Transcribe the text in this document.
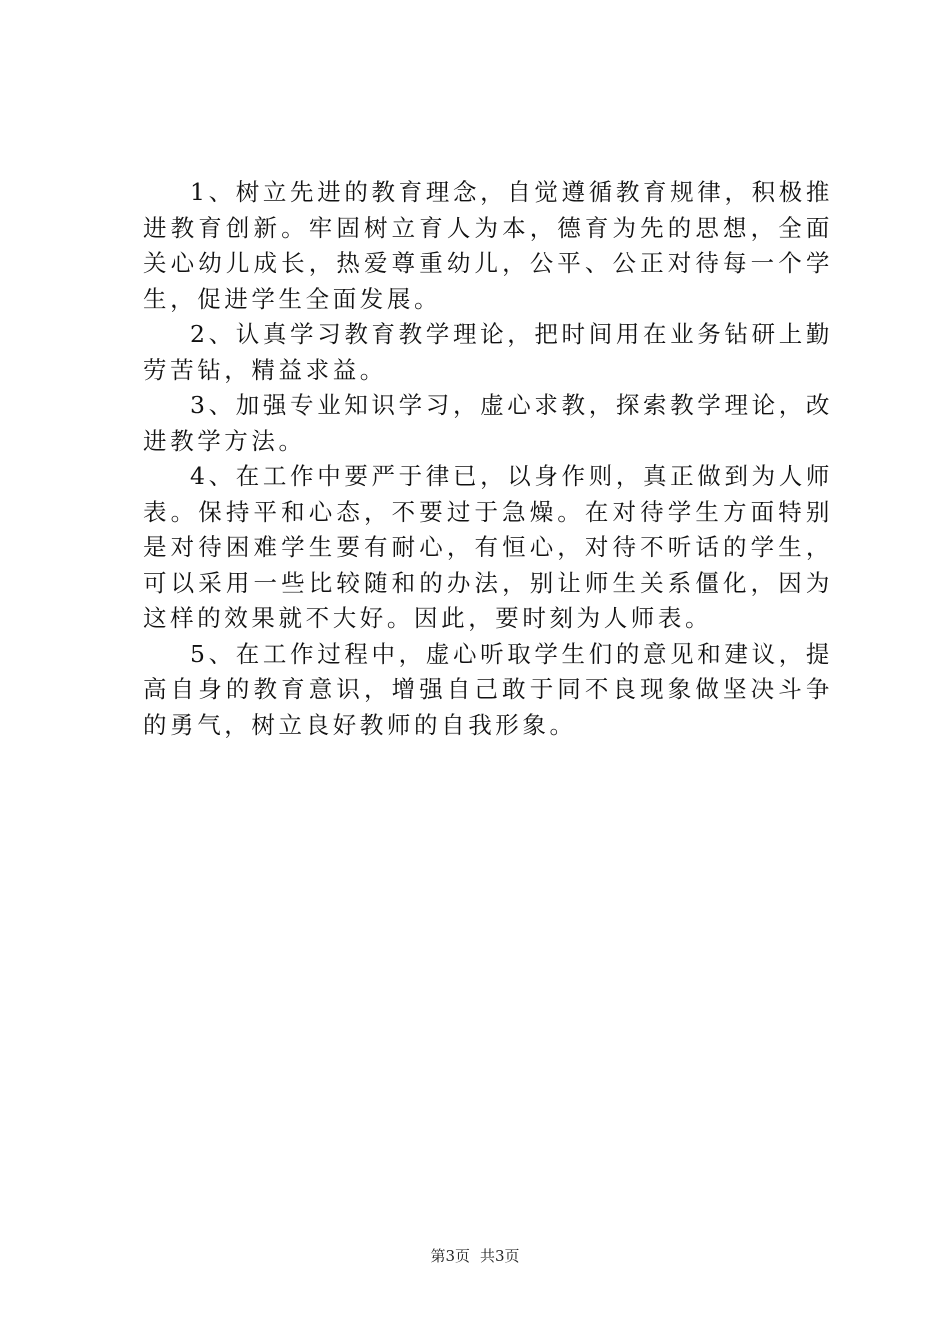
1、树立先进的教育理念，自觉遵循教育规律，积极推进教育创新。牢固树立育人为本，德育为先的思想，全面关心幼儿成长，热爱尊重幼儿，公平、公正对待每一个学生，促进学生全面发展。

2、认真学习教育教学理论，把时间用在业务钻研上勤劳苦钻，精益求益。

3、加强专业知识学习，虚心求教，探索教学理论，改进教学方法。

4、在工作中要严于律已，以身作则，真正做到为人师表。保持平和心态，不要过于急燥。在对待学生方面特别是对待困难学生要有耐心，有恒心，对待不听话的学生，可以采用一些比较随和的办法，别让师生关系僵化，因为这样的效果就不大好。因此，要时刻为人师表。

5、在工作过程中，虚心听取学生们的意见和建议，提高自身的教育意识，增强自己敢于同不良现象做坚决斗争的勇气，树立良好教师的自我形象。

第3页 共3页
